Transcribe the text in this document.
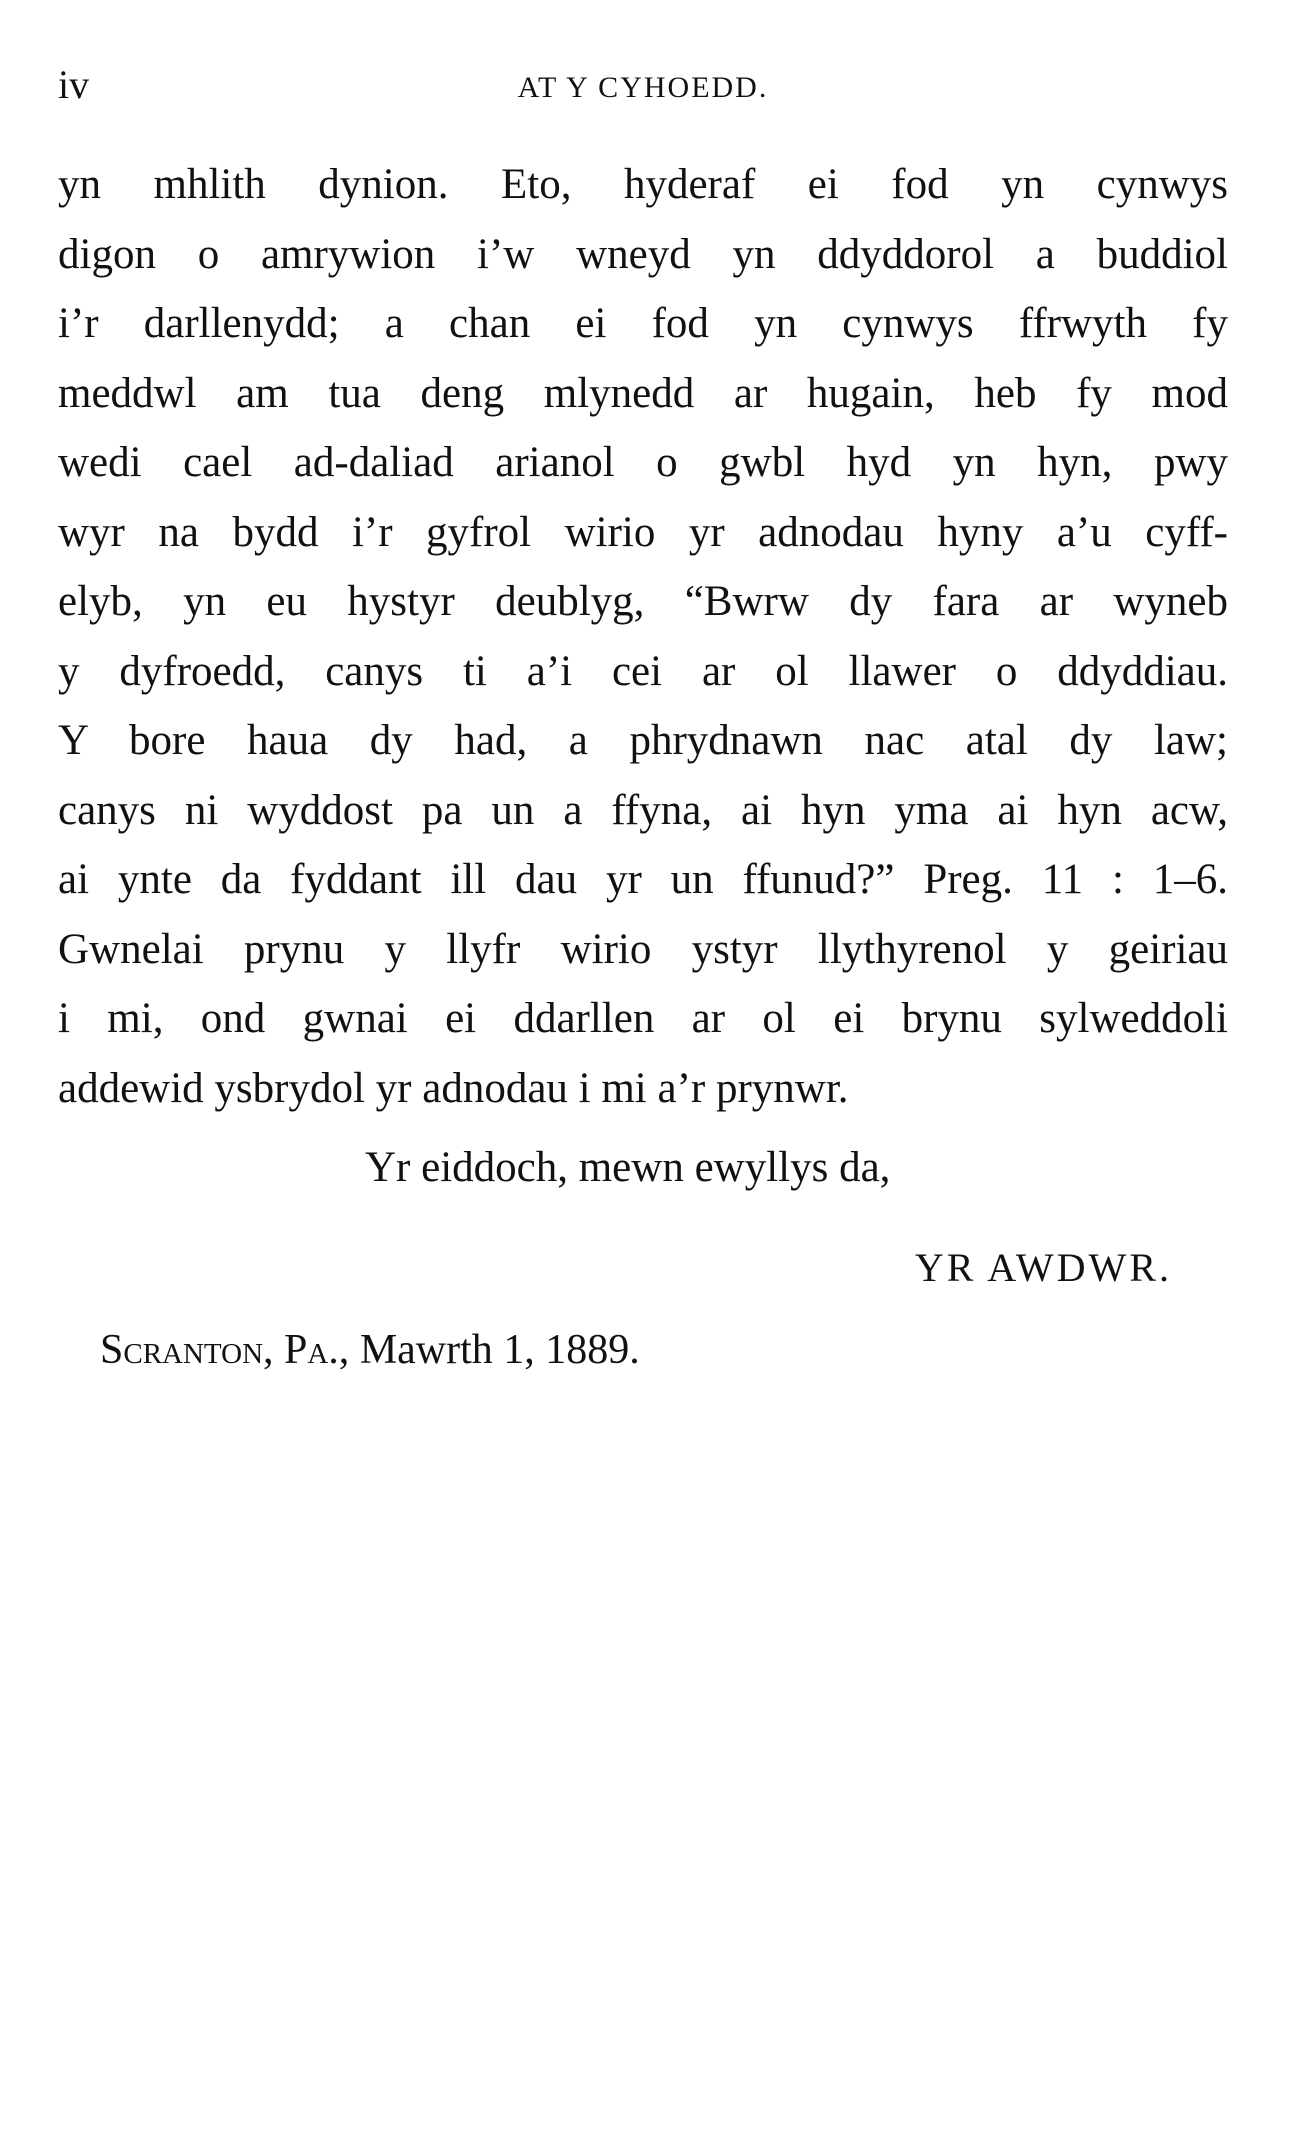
iv	AT Y CYHOEDD.
yn mhlith dynion. Eto, hyderaf ei fod yn cynwys
digon o amrywion i’w wneyd yn ddyddorol a buddiol
i’r darllenydd; a chan ei fod yn cynwys ffrwyth fy
meddwl am tua deng mlynedd ar hugain, heb fy mod
wedi cael ad-daliad arianol o gwbl hyd yn hyn, pwy
wyr na bydd i’r gyfrol wirio yr adnodau hyny a’u cyff-
elyb, yn eu hystyr deublyg, “Bwrw dy fara ar wyneb
y dyfroedd, canys ti a’i cei ar ol llawer o ddyddiau.
Y bore haua dy had, a phrydnawn nac atal dy law;
canys ni wyddost pa un a ffyna, ai hyn yma ai hyn acw,
ai ynte da fyddant ill dau yr un ffunud?” Preg. 11 : 1–6.
Gwnelai prynu y llyfr wirio ystyr llythyrenol y geiriau
i mi, ond gwnai ei ddarllen ar ol ei brynu sylweddoli
addewid ysbrydol yr adnodau i mi a’r prynwr.
Yr eiddoch, mewn ewyllys da,
YR AWDWR.
Scranton, Pa., Mawrth 1, 1889.
